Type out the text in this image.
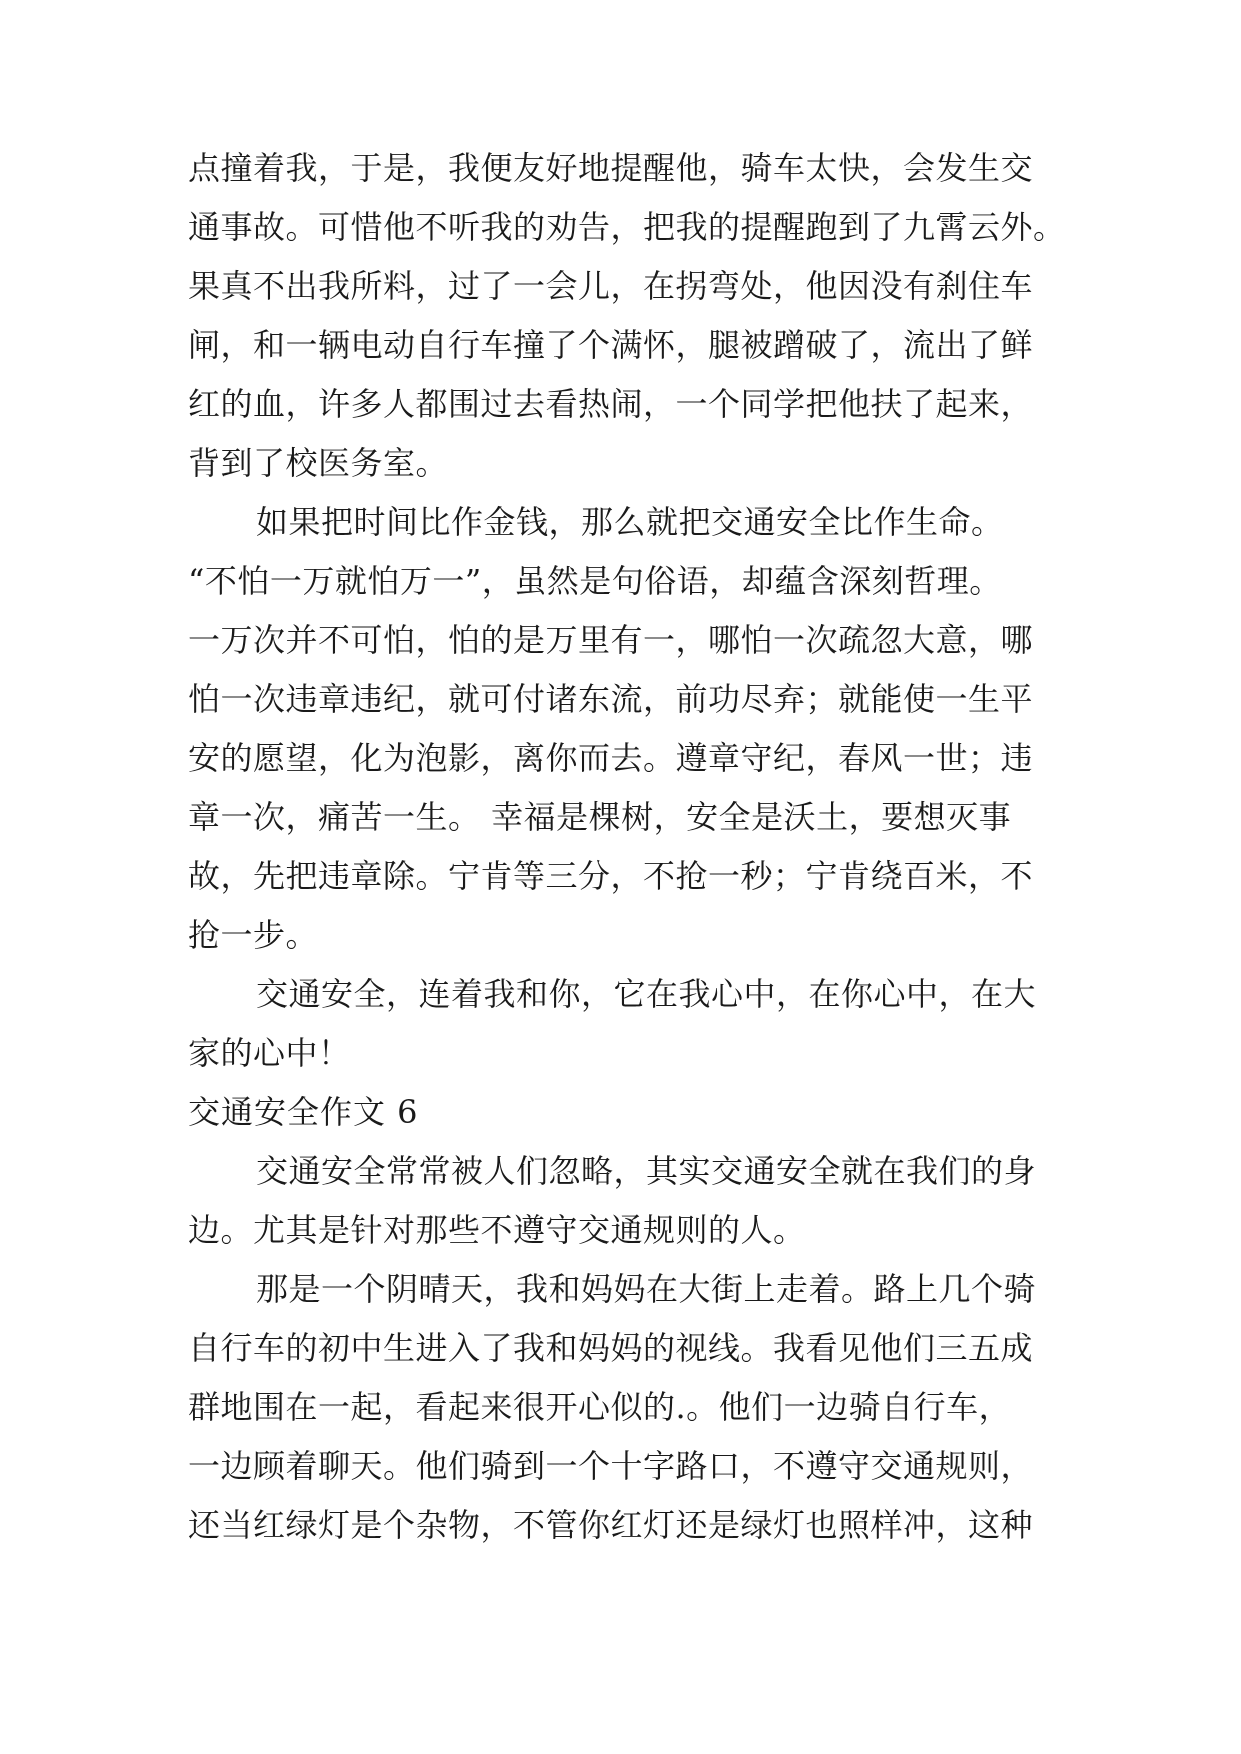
点撞着我，于是，我便友好地提醒他，骑车太快，会发生交
通事故。可惜他不听我的劝告，把我的提醒跑到了九霄云外。
果真不出我所料，过了一会儿，在拐弯处，他因没有刹住车
闸，和一辆电动自行车撞了个满怀，腿被蹭破了，流出了鲜
红的血，许多人都围过去看热闹，一个同学把他扶了起来，
背到了校医务室。
如果把时间比作金钱，那么就把交通安全比作生命。
“不怕一万就怕万一”，虽然是句俗语，却蕴含深刻哲理。
一万次并不可怕，怕的是万里有一，哪怕一次疏忽大意，哪
怕一次违章违纪，就可付诸东流，前功尽弃；就能使一生平
安的愿望，化为泡影，离你而去。遵章守纪，春风一世；违
章一次，痛苦一生。 幸福是棵树，安全是沃土，要想灭事
故，先把违章除。宁肯等三分，不抢一秒；宁肯绕百米，不
抢一步。
交通安全，连着我和你，它在我心中，在你心中，在大
家的心中！
交通安全作文 6
交通安全常常被人们忽略，其实交通安全就在我们的身
边。尤其是针对那些不遵守交通规则的人。
那是一个阴晴天，我和妈妈在大街上走着。路上几个骑
自行车的初中生进入了我和妈妈的视线。我看见他们三五成
群地围在一起，看起来很开心似的.。他们一边骑自行车，
一边顾着聊天。他们骑到一个十字路口，不遵守交通规则，
还当红绿灯是个杂物，不管你红灯还是绿灯也照样冲，这种
